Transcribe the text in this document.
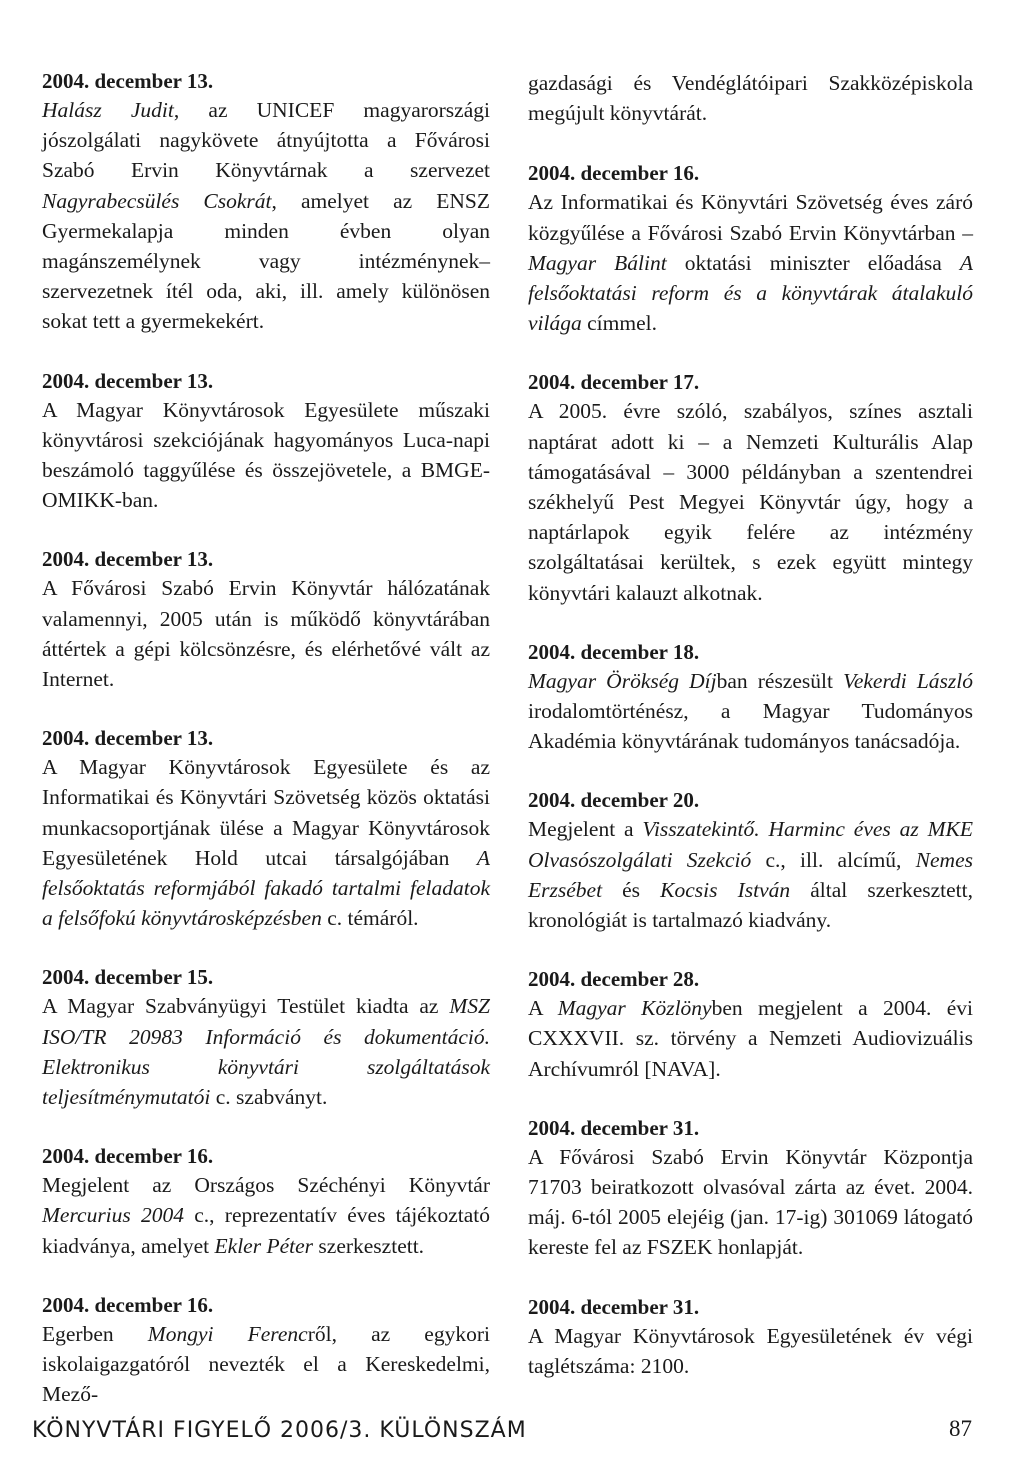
2004. december 13.
Halász Judit, az UNICEF magyarországi jószolgálati nagykövete átnyújtotta a Fővárosi Szabó Ervin Könyvtárnak a szervezet Nagyrabecsülés Csokrát, amelyet az ENSZ Gyermekalapja minden évben olyan magánszemélynek vagy intézménynek–szervezetnek ítél oda, aki, ill. amely különösen sokat tett a gyermekekért.
2004. december 13.
A Magyar Könyvtárosok Egyesülete műszaki könyvtárosi szekciójának hagyományos Luca-napi beszámoló taggyűlése és összejövetele, a BMGE-OMIKK-ban.
2004. december 13.
A Fővárosi Szabó Ervin Könyvtár hálózatának valamennyi, 2005 után is működő könyvtárában áttértek a gépi kölcsönzésre, és elérhetővé vált az Internet.
2004. december 13.
A Magyar Könyvtárosok Egyesülete és az Informatikai és Könyvtári Szövetség közös oktatási munkacsoportjának ülése a Magyar Könyvtárosok Egyesületének Hold utcai társalgójában A felsőoktatás reformjából fakadó tartalmi feladatok a felsőfokú könyvtárosképzésben c. témáról.
2004. december 15.
A Magyar Szabványügyi Testület kiadta az MSZ ISO/TR 20983 Információ és dokumentáció. Elektronikus könyvtári szolgáltatások teljesítménymutatói c. szabványt.
2004. december 16.
Megjelent az Országos Széchényi Könyvtár Mercurius 2004 c., reprezentatív éves tájékoztató kiadványa, amelyet Ekler Péter szerkesztett.
2004. december 16.
Egerben Mongyi Ferencről, az egykori iskolaigazgatóról nevezték el a Kereskedelmi, Mező-
gazdasági és Vendéglátóipari Szakközépiskola megújult könyvtárát.
2004. december 16.
Az Informatikai és Könyvtári Szövetség éves záró közgyűlése a Fővárosi Szabó Ervin Könyvtárban – Magyar Bálint oktatási miniszter előadása A felsőoktatási reform és a könyvtárak átalakuló világa címmel.
2004. december 17.
A 2005. évre szóló, szabályos, színes asztali naptárat adott ki – a Nemzeti Kulturális Alap támogatásával – 3000 példányban a szentendrei székhelyű Pest Megyei Könyvtár úgy, hogy a naptárlapok egyik felére az intézmény szolgáltatásai kerültek, s ezek együtt mintegy könyvtári kalauzt alkotnak.
2004. december 18.
Magyar Örökség Díjban részesült Vekerdi László irodalomtörténész, a Magyar Tudományos Akadémia könyvtárának tudományos tanácsadója.
2004. december 20.
Megjelent a Visszatekintő. Harminc éves az MKE Olvasószolgálati Szekció c., ill. alcímű, Nemes Erzsébet és Kocsis István által szerkesztett, kronológiát is tartalmazó kiadvány.
2004. december 28.
A Magyar Közlönyben megjelent a 2004. évi CXXXVII. sz. törvény a Nemzeti Audiovizuális Archívumról [NAVA].
2004. december 31.
A Fővárosi Szabó Ervin Könyvtár Központja 71703 beiratkozott olvasóval zárta az évet. 2004. máj. 6-tól 2005 elejéig (jan. 17-ig) 301069 látogató kereste fel az FSZEK honlapját.
2004. december 31.
A Magyar Könyvtárosok Egyesületének év végi taglétszáma: 2100.
KÖNYVTÁRI FIGYELŐ 2006/3. KÜLÖNSZÁM	87
